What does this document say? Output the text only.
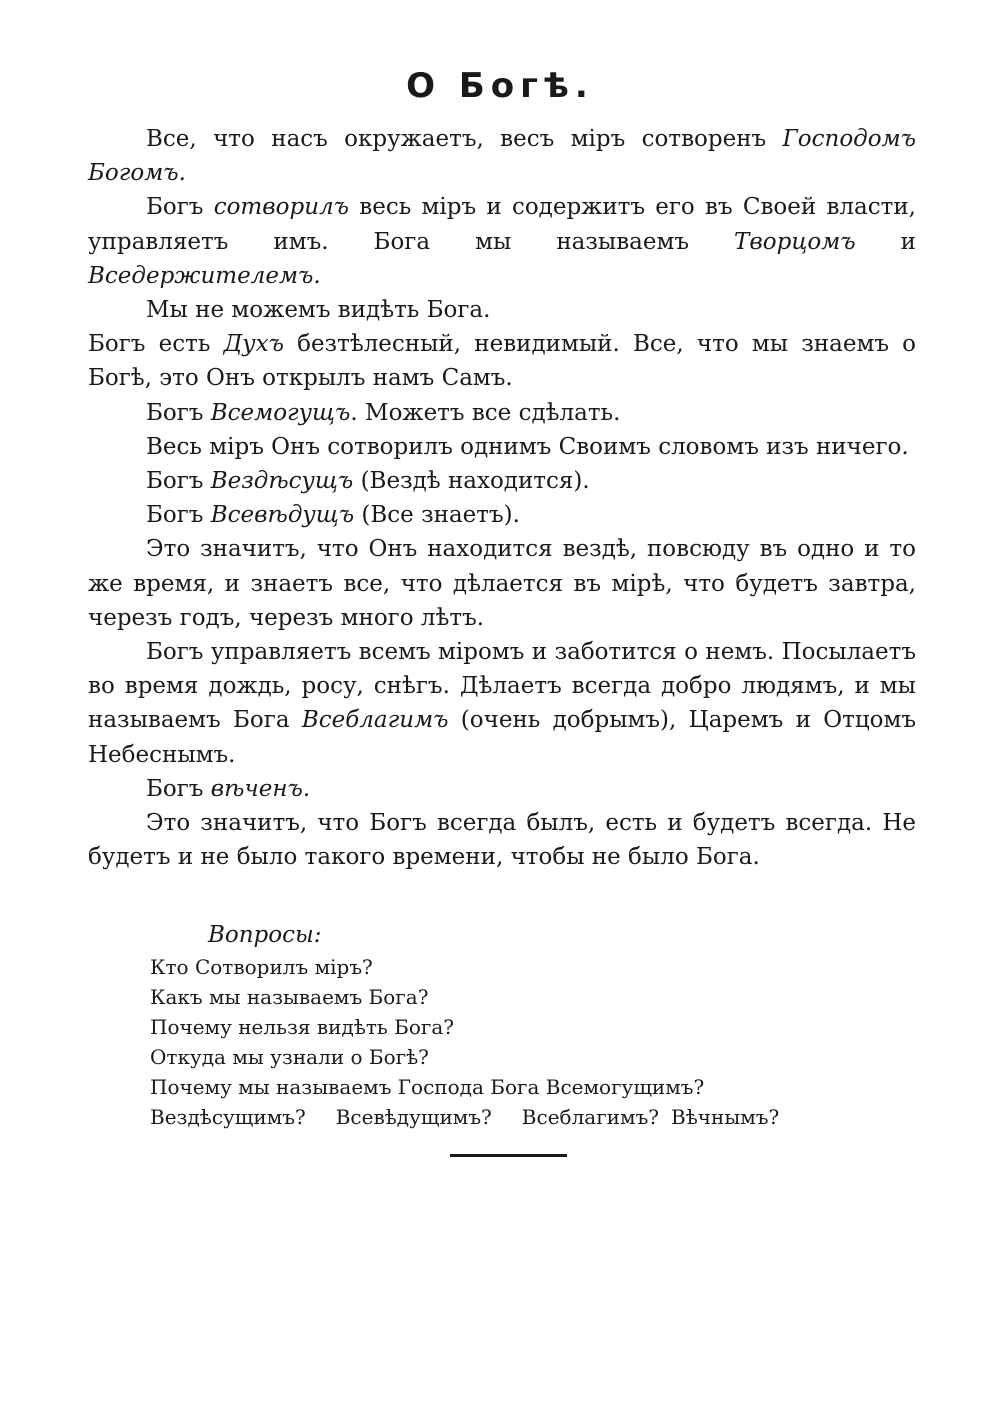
О Богѣ.

Все, что насъ окружаетъ, весъ міръ сотворенъ Господомъ Богомъ.

Богъ сотворилъ весь міръ и содержитъ его въ Своей власти, управляетъ имъ. Бога мы называемъ Творцомъ и Вседержителемъ.

Мы не можемъ видѣть Бога.

Богъ есть Духъ безтѣлесный, невидимый. Все, что мы знаемъ о Богѣ, это Онъ открылъ намъ Самъ.

Богъ Всемогущъ. Можетъ все сдѣлать.

Весь міръ Онъ сотворилъ однимъ Своимъ словомъ изъ ничего.

Богъ Вездѣсущъ (Вездѣ находится).

Богъ Всевѣдущъ (Все знаетъ).

Это значитъ, что Онъ находится вездѣ, повсюду въ одно и то же время, и знаетъ все, что дѣлается въ мірѣ, что будетъ завтра, черезъ годъ, черезъ много лѣтъ.

Богъ управляетъ всемъ міромъ и заботится о немъ. Посылаетъ во время дождь, росу, снѣгъ. Дѣлаетъ всегда добро людямъ, и мы называемъ Бога Всеблагимъ (очень добрымъ), Царемъ и Отцомъ Небеснымъ.

Богъ вѣченъ.

Это значитъ, что Богъ всегда былъ, есть и будетъ всегда. Не будетъ и не было такого времени, чтобы не было Бога.

Вопросы:

Кто Сотворилъ міръ?

Какъ мы называемъ Бога?

Почему нельзя видѣть Бога?

Откуда мы узнали о Богѣ?

Почему мы называемъ Господа Бога Всемогущимъ?

Вездѣсущимъ? Всевѣдущимъ? Всеблагимъ? Вѣчнымъ?
